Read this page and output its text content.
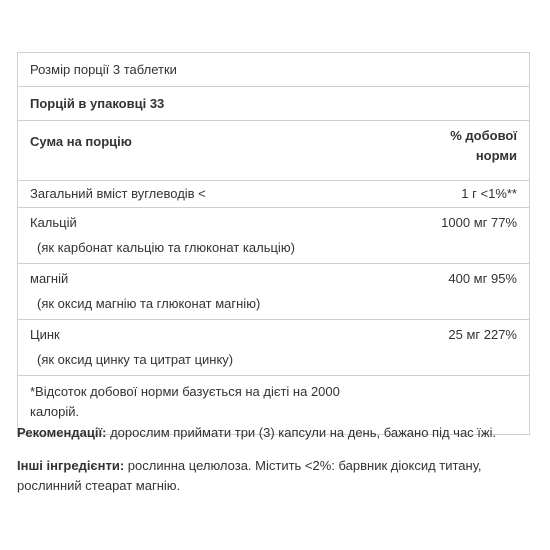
Розмір порції 3 таблетки	
Порцій в упаковці 33	
Сума на порцію	% добової
норми
Загальний вміст вуглеводів <	1 г <1%**
Кальцій	1000 мг 77%
(як карбонат кальцію та глюконат кальцію)	
магній	400 мг 95%
(як оксид магнію та глюконат магнію)	
Цинк	25 мг 227%
(як оксид цинку та цитрат цинку)	
*Відсоток добової норми базується на дієті на 2000 калорій.	

Рекомендації: дорослим приймати три (3) капсули на день, бажано під час їжі.

Інші інгредієнти: рослинна целюлоза. Містить <2%: барвник діоксид титану, рослинний стеарат магнію.
